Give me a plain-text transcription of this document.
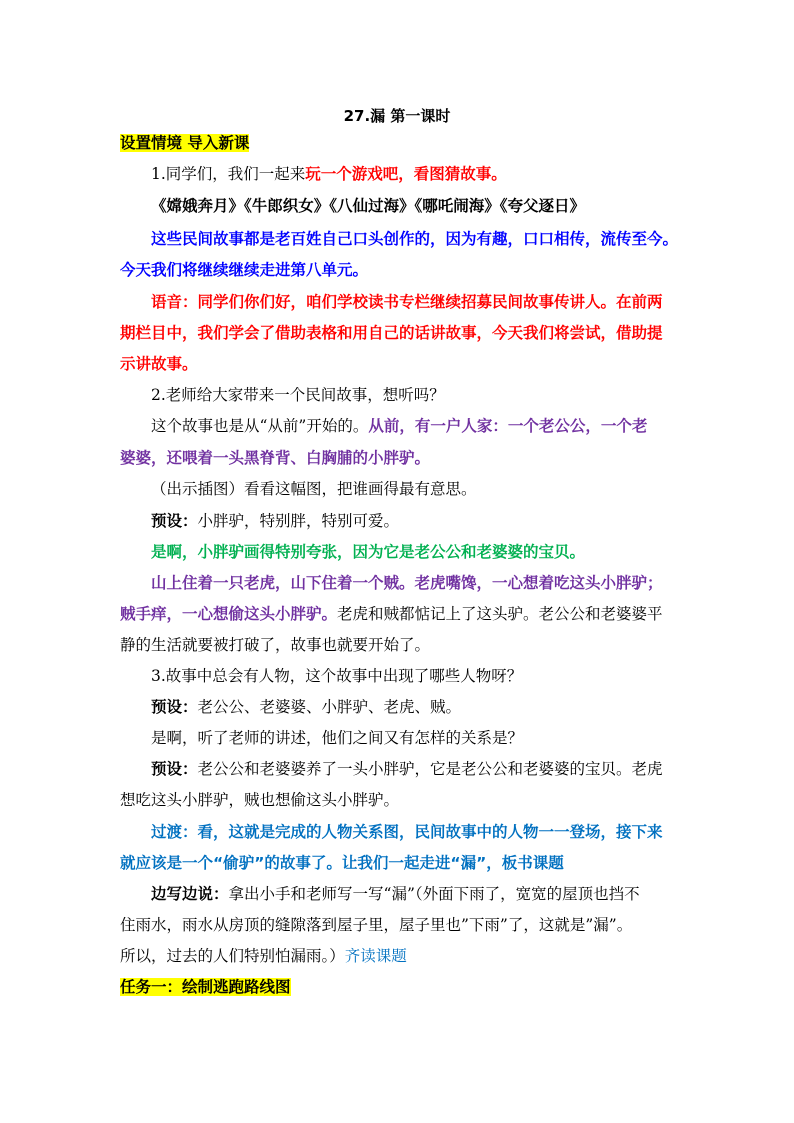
27.漏 第一课时
设置情境 导入新课
1.同学们，我们一起来玩一个游戏吧，看图猜故事。
《嫦娥奔月》《牛郎织女》《八仙过海》《哪吒闹海》《夸父逐日》
这些民间故事都是老百姓自己口头创作的，因为有趣，口口相传，流传至今。
今天我们将继续继续走进第八单元。
语音：同学们你们好，咱们学校读书专栏继续招募民间故事传讲人。在前两
期栏目中，我们学会了借助表格和用自己的话讲故事，今天我们将尝试，借助提
示讲故事。
2.老师给大家带来一个民间故事，想听吗？
这个故事也是从“从前”开始的。从前，有一户人家：一个老公公，一个老
婆婆，还喂着一头黑脊背、白胸脯的小胖驴。
（出示插图）看看这幅图，把谁画得最有意思。
预设：小胖驴，特别胖，特别可爱。
是啊，小胖驴画得特别夸张，因为它是老公公和老婆婆的宝贝。
山上住着一只老虎，山下住着一个贼。老虎嘴馋，一心想着吃这头小胖驴；
贼手痒，一心想偷这头小胖驴。老虎和贼都惦记上了这头驴。老公公和老婆婆平
静的生活就要被打破了，故事也就要开始了。
3.故事中总会有人物，这个故事中出现了哪些人物呀？
预设：老公公、老婆婆、小胖驴、老虎、贼。
是啊，听了老师的讲述，他们之间又有怎样的关系是？
预设：老公公和老婆婆养了一头小胖驴，它是老公公和老婆婆的宝贝。老虎
想吃这头小胖驴，贼也想偷这头小胖驴。
过渡：看，这就是完成的人物关系图，民间故事中的人物一一登场，接下来
就应该是一个“偷驴”的故事了。让我们一起走进“漏”，板书课题
边写边说：拿出小手和老师写一写“漏”（外面下雨了，宽宽的屋顶也挡不
住雨水，雨水从房顶的缝隙落到屋子里，屋子里也”下雨”了，这就是”漏”。
所以，过去的人们特别怕漏雨。）齐读课题
任务一：绘制逃跑路线图
